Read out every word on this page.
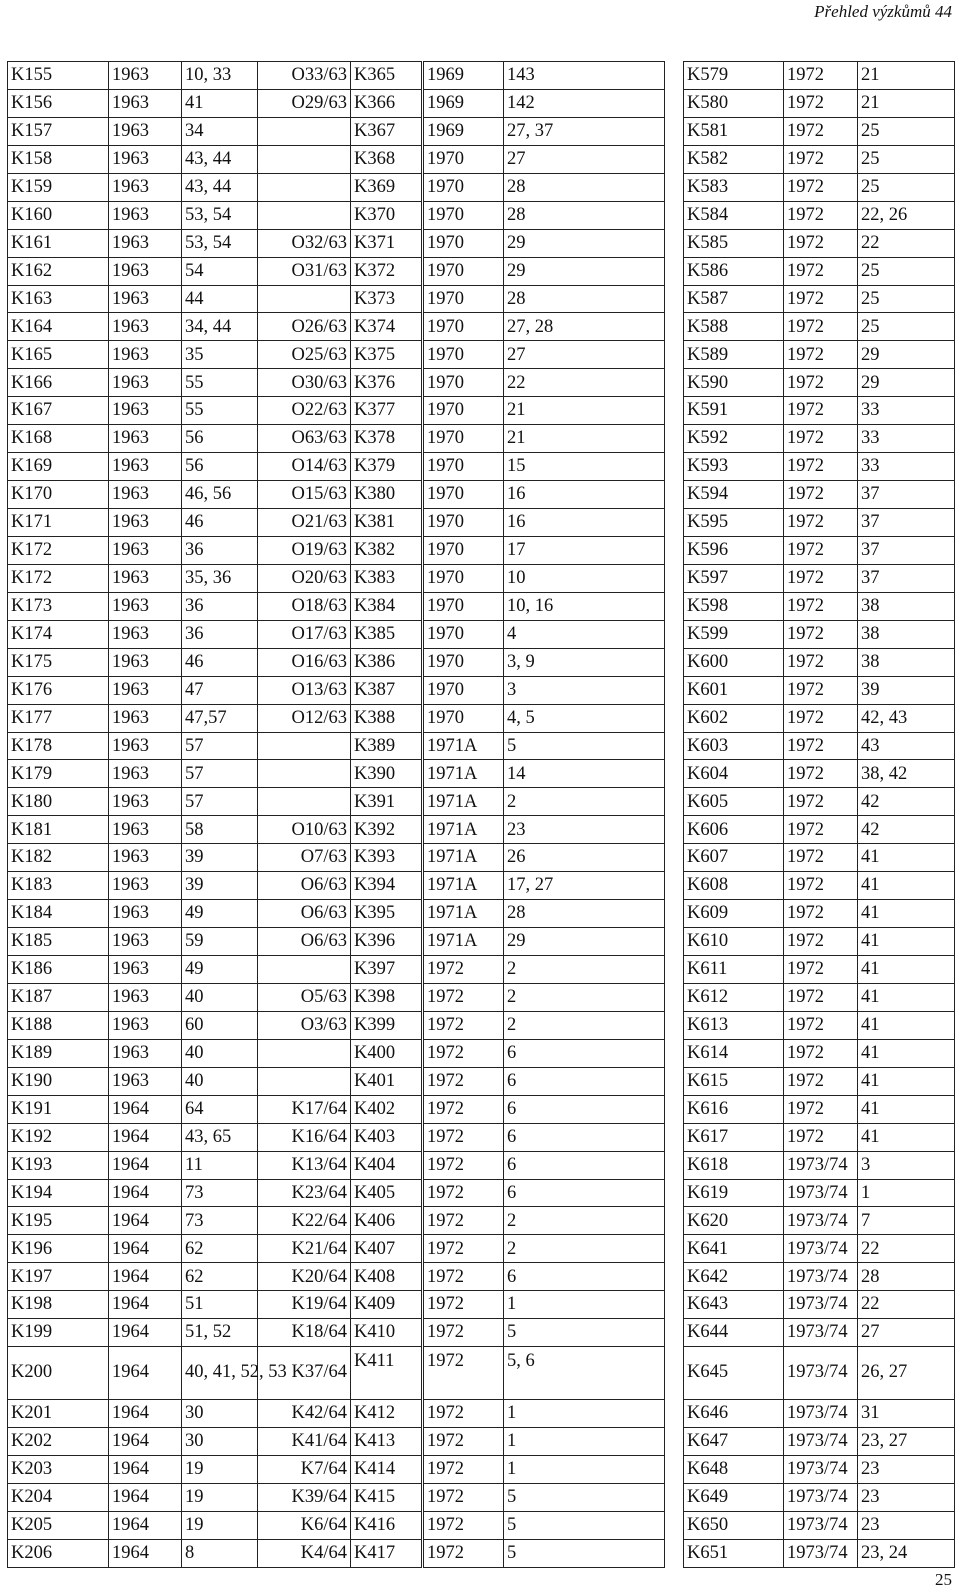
Přehled výzkůmů 44
K155	1963	10, 33	O33/63	K365	1969	143		K579	1972	21
K156	1963	41	O29/63	K366	1969	142		K580	1972	21
K157	1963	34		K367	1969	27, 37		K581	1972	25
K158	1963	43, 44		K368	1970	27		K582	1972	25
K159	1963	43, 44		K369	1970	28		K583	1972	25
K160	1963	53, 54		K370	1970	28		K584	1972	22, 26
K161	1963	53, 54	O32/63	K371	1970	29		K585	1972	22
K162	1963	54	O31/63	K372	1970	29		K586	1972	25
K163	1963	44		K373	1970	28		K587	1972	25
K164	1963	34, 44	O26/63	K374	1970	27, 28		K588	1972	25
K165	1963	35	O25/63	K375	1970	27		K589	1972	29
K166	1963	55	O30/63	K376	1970	22		K590	1972	29
K167	1963	55	O22/63	K377	1970	21		K591	1972	33
K168	1963	56	O63/63	K378	1970	21		K592	1972	33
K169	1963	56	O14/63	K379	1970	15		K593	1972	33
K170	1963	46, 56	O15/63	K380	1970	16		K594	1972	37
K171	1963	46	O21/63	K381	1970	16		K595	1972	37
K172	1963	36	O19/63	K382	1970	17		K596	1972	37
K172	1963	35, 36	O20/63	K383	1970	10		K597	1972	37
K173	1963	36	O18/63	K384	1970	10, 16		K598	1972	38
K174	1963	36	O17/63	K385	1970	4		K599	1972	38
K175	1963	46	O16/63	K386	1970	3, 9		K600	1972	38
K176	1963	47	O13/63	K387	1970	3		K601	1972	39
K177	1963	47,57	O12/63	K388	1970	4, 5		K602	1972	42, 43
K178	1963	57		K389	1971A	5		K603	1972	43
K179	1963	57		K390	1971A	14		K604	1972	38, 42
K180	1963	57		K391	1971A	2		K605	1972	42
K181	1963	58	O10/63	K392	1971A	23		K606	1972	42
K182	1963	39	O7/63	K393	1971A	26		K607	1972	41
K183	1963	39	O6/63	K394	1971A	17, 27		K608	1972	41
K184	1963	49	O6/63	K395	1971A	28		K609	1972	41
K185	1963	59	O6/63	K396	1971A	29		K610	1972	41
K186	1963	49		K397	1972	2		K611	1972	41
K187	1963	40	O5/63	K398	1972	2		K612	1972	41
K188	1963	60	O3/63	K399	1972	2		K613	1972	41
K189	1963	40		K400	1972	6		K614	1972	41
K190	1963	40		K401	1972	6		K615	1972	41
K191	1964	64	K17/64	K402	1972	6		K616	1972	41
K192	1964	43, 65	K16/64	K403	1972	6		K617	1972	41
K193	1964	11	K13/64	K404	1972	6		K618	1973/74	3
K194	1964	73	K23/64	K405	1972	6		K619	1973/74	1
K195	1964	73	K22/64	K406	1972	2		K620	1973/74	7
K196	1964	62	K21/64	K407	1972	2		K641	1973/74	22
K197	1964	62	K20/64	K408	1972	6		K642	1973/74	28
K198	1964	51	K19/64	K409	1972	1		K643	1973/74	22
K199	1964	51, 52	K18/64	K410	1972	5		K644	1973/74	27
K200	1964	40, 41, 52, 53	K37/64	K411	1972	5, 6		K645	1973/74	26, 27
K201	1964	30	K42/64	K412	1972	1		K646	1973/74	31
K202	1964	30	K41/64	K413	1972	1		K647	1973/74	23, 27
K203	1964	19	K7/64	K414	1972	1		K648	1973/74	23
K204	1964	19	K39/64	K415	1972	5		K649	1973/74	23
K205	1964	19	K6/64	K416	1972	5		K650	1973/74	23
K206	1964	8	K4/64	K417	1972	5		K651	1973/74	23, 24
25
